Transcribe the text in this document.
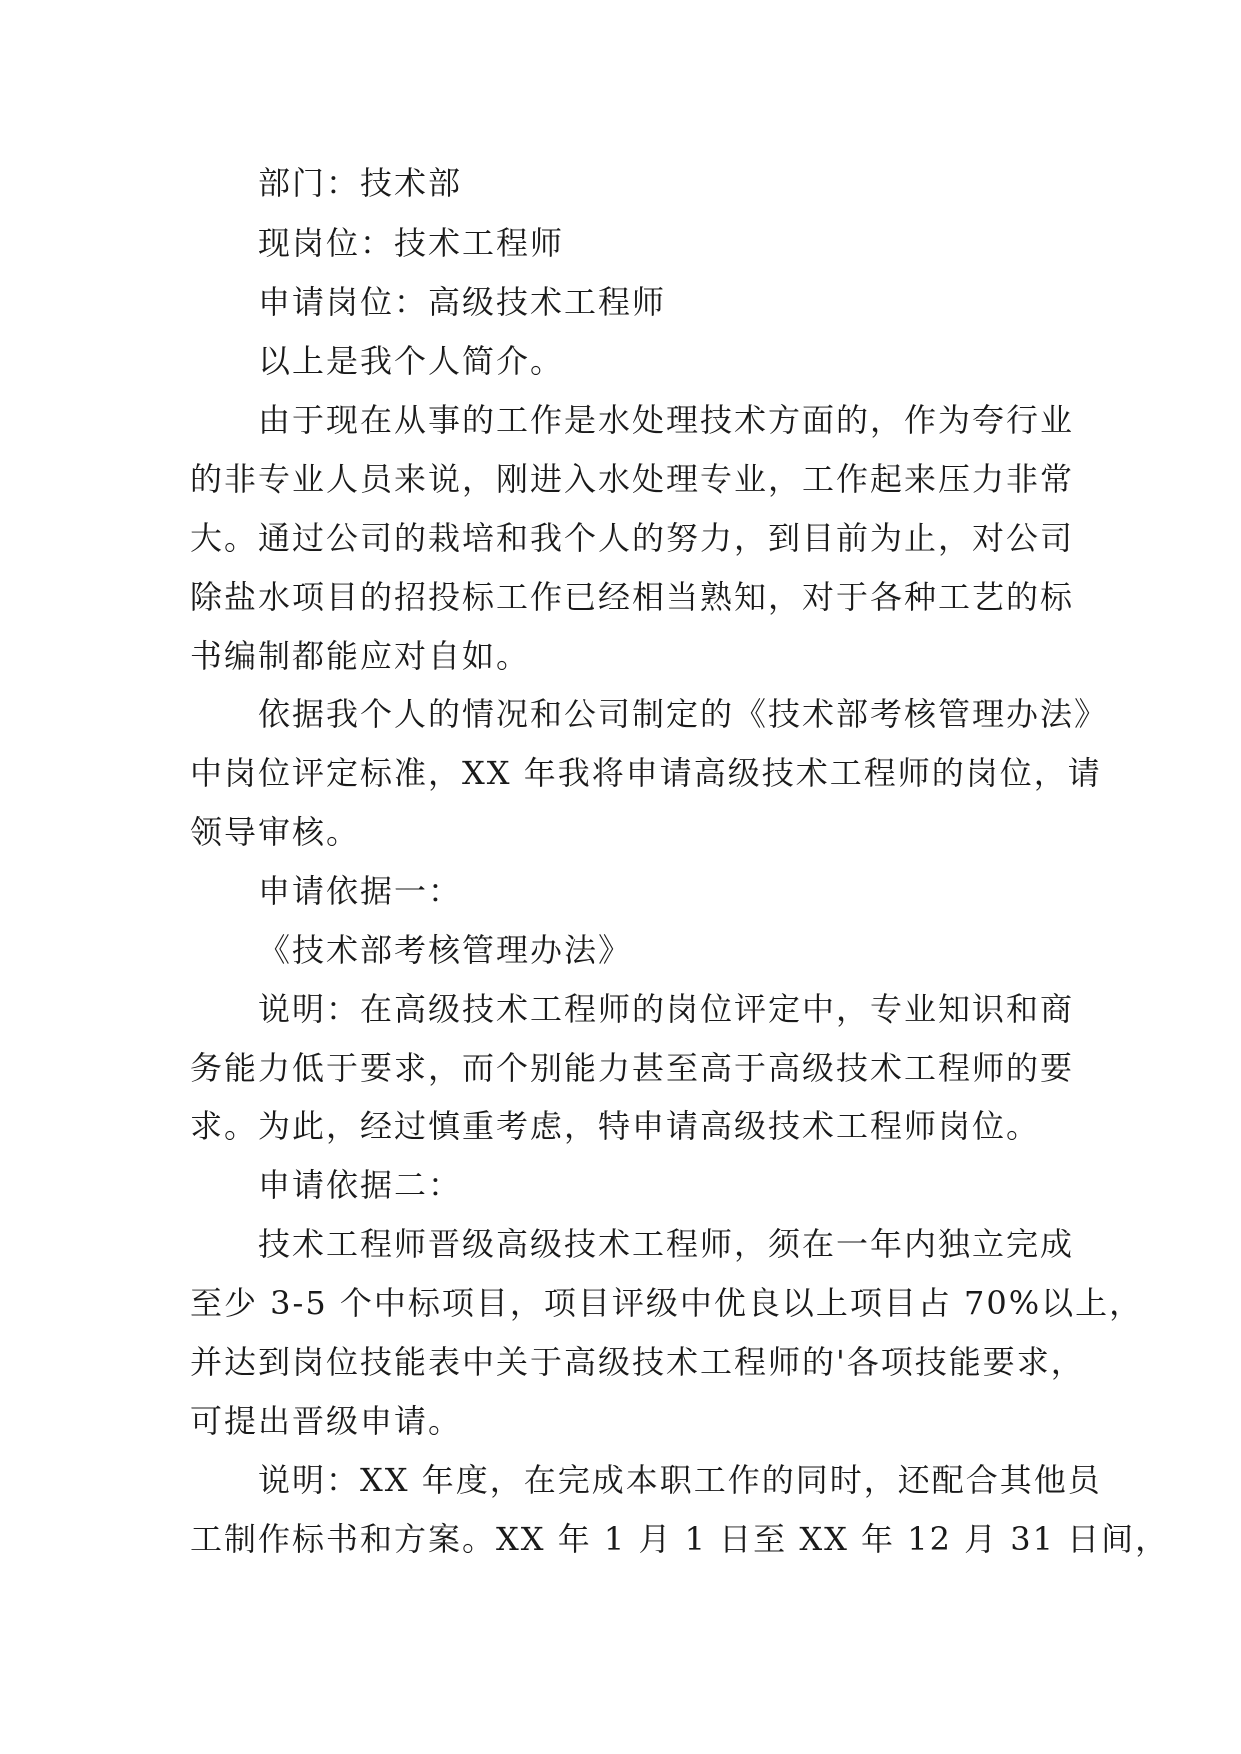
部门：技术部
现岗位：技术工程师
申请岗位：高级技术工程师
以上是我个人简介。
由于现在从事的工作是水处理技术方面的，作为夸行业
的非专业人员来说，刚进入水处理专业，工作起来压力非常
大。通过公司的栽培和我个人的努力，到目前为止，对公司
除盐水项目的招投标工作已经相当熟知，对于各种工艺的标
书编制都能应对自如。
依据我个人的情况和公司制定的《技术部考核管理办法》
中岗位评定标准，XX 年我将申请高级技术工程师的岗位，请
领导审核。
申请依据一：
《技术部考核管理办法》
说明：在高级技术工程师的岗位评定中，专业知识和商
务能力低于要求，而个别能力甚至高于高级技术工程师的要
求。为此，经过慎重考虑，特申请高级技术工程师岗位。
申请依据二：
技术工程师晋级高级技术工程师，须在一年内独立完成
至少 3-5 个中标项目，项目评级中优良以上项目占 70%以上，
并达到岗位技能表中关于高级技术工程师的'各项技能要求，
可提出晋级申请。
说明：XX 年度，在完成本职工作的同时，还配合其他员
工制作标书和方案。XX 年 1 月 1 日至 XX 年 12 月 31 日间，
